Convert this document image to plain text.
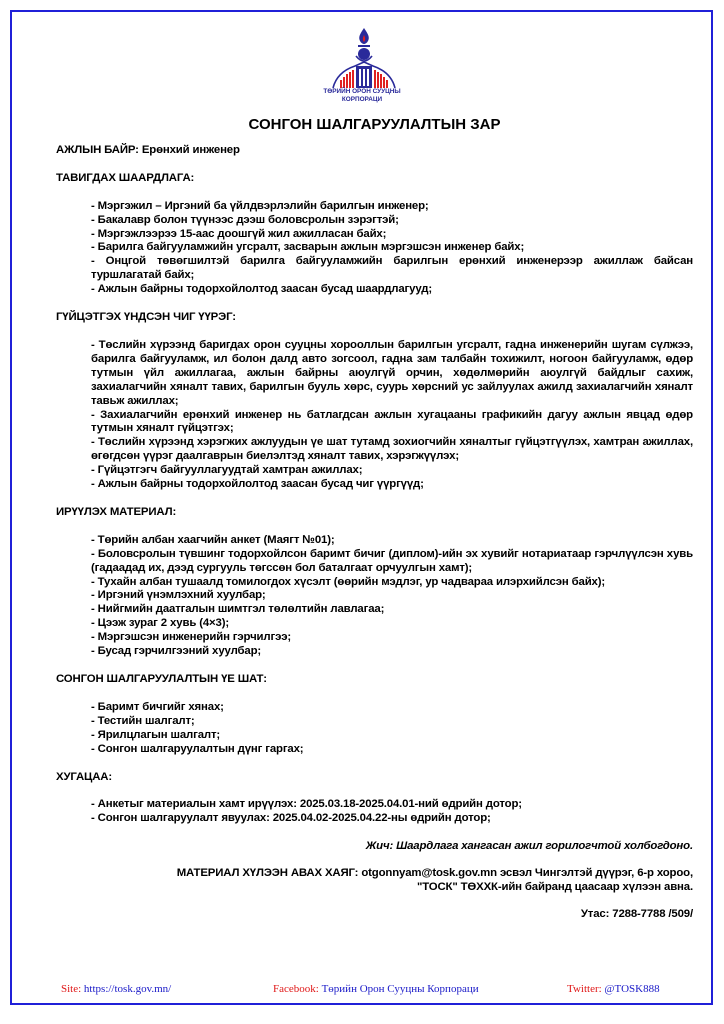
ТӨРИЙН ОРОН СУУЦНЫ
КОРПОРАЦИ
СОНГОН ШАЛГАРУУЛАЛТЫН ЗАР
АЖЛЫН БАЙР: Ерөнхий инженер
ТАВИГДАХ ШААРДЛАГА:
- Мэргэжил – Иргэний ба үйлдвэрлэлийн барилгын инженер;
- Бакалавр болон түүнээс дээш боловсролын зэрэгтэй;
- Мэргэжлээрээ 15-аас доошгүй жил ажилласан байх;
- Барилга байгууламжийн угсралт, засварын ажлын мэргэшсэн инженер байх;
- Онцгой төвөгшилтэй барилга байгууламжийн барилгын ерөнхий инженерээр ажиллаж байсан туршлагатай байх;
- Ажлын байрны тодорхойлолтод заасан бусад шаардлагууд;
ГҮЙЦЭТГЭХ ҮНДСЭН ЧИГ ҮҮРЭГ:
- Төслийн хүрээнд баригдах орон сууцны хорооллын барилгын угсралт, гадна инженерийн шугам сүлжээ, барилга байгууламж, ил болон далд авто зогсоол, гадна зам талбайн тохижилт, ногоон байгууламж, өдөр тутмын үйл ажиллагаа, ажлын байрны аюулгүй орчин, хөдөлмөрийн аюулгүй байдлыг сахиж, захиалагчийн хяналт тавих, барилгын бууль хөрс, суурь хөрсний ус зайлуулах ажилд захиалагчийн хяналт тавьж ажиллах;
- Захиалагчийн ерөнхий инженер нь батлагдсан ажлын хугацааны графикийн дагуу ажлын явцад өдөр тутмын хяналт гүйцэтгэх;
- Төслийн хүрээнд хэрэгжих ажлуудын үе шат тутамд зохиогчийн хяналтыг гүйцэтгүүлэх, хамтран ажиллах, өгөгдсөн үүрэг даалгаврын биелэлтэд хяналт тавих, хэрэгжүүлэх;
- Гүйцэтгэгч байгууллагуудтай хамтран ажиллах;
- Ажлын байрны тодорхойлолтод заасан бусад чиг үүргүүд;
ИРҮҮЛЭХ МАТЕРИАЛ:
- Төрийн албан хаагчийн анкет (Маягт №01);
- Боловсролын түвшинг тодорхойлсон баримт бичиг (диплом)-ийн эх хувийг нотариатаар гэрчлүүлсэн хувь (гадаадад их, дээд сургууль төгссөн бол баталгаат орчуулгын хамт);
- Тухайн албан тушаалд томилогдох хүсэлт (өөрийн мэдлэг, ур чадвараа илэрхийлсэн байх);
- Иргэний үнэмлэхний хуулбар;
- Нийгмийн даатгалын шимтгэл төлөлтийн лавлагаа;
- Цээж зураг 2 хувь (4×3);
- Мэргэшсэн инженерийн гэрчилгээ;
- Бусад гэрчилгээний хуулбар;
СОНГОН ШАЛГАРУУЛАЛТЫН ҮЕ ШАТ:
- Баримт бичгийг хянах;
- Тестийн шалгалт;
- Ярилцлагын шалгалт;
- Сонгон шалгаруулалтын дүнг гаргах;
ХУГАЦАА:
- Анкетыг материалын хамт ирүүлэх: 2025.03.18-2025.04.01-ний өдрийн дотор;
- Сонгон шалгаруулалт явуулах: 2025.04.02-2025.04.22-ны өдрийн дотор;
Жич: Шаардлага хангасан ажил горилогчтой холбогдоно.
МАТЕРИАЛ ХҮЛЭЭН АВАХ ХАЯГ: otgonnyam@tosk.gov.mn эсвэл Чингэлтэй дүүрэг, 6-р хороо,
"ТОСК" ТӨХХК-ийн байранд цаасаар хүлээн авна.
Утас: 7288-7788 /509/
Site: https://tosk.gov.mn/	Facebook: Төрийн Орон Сууцны Корпораци	Twitter: @TOSK888
